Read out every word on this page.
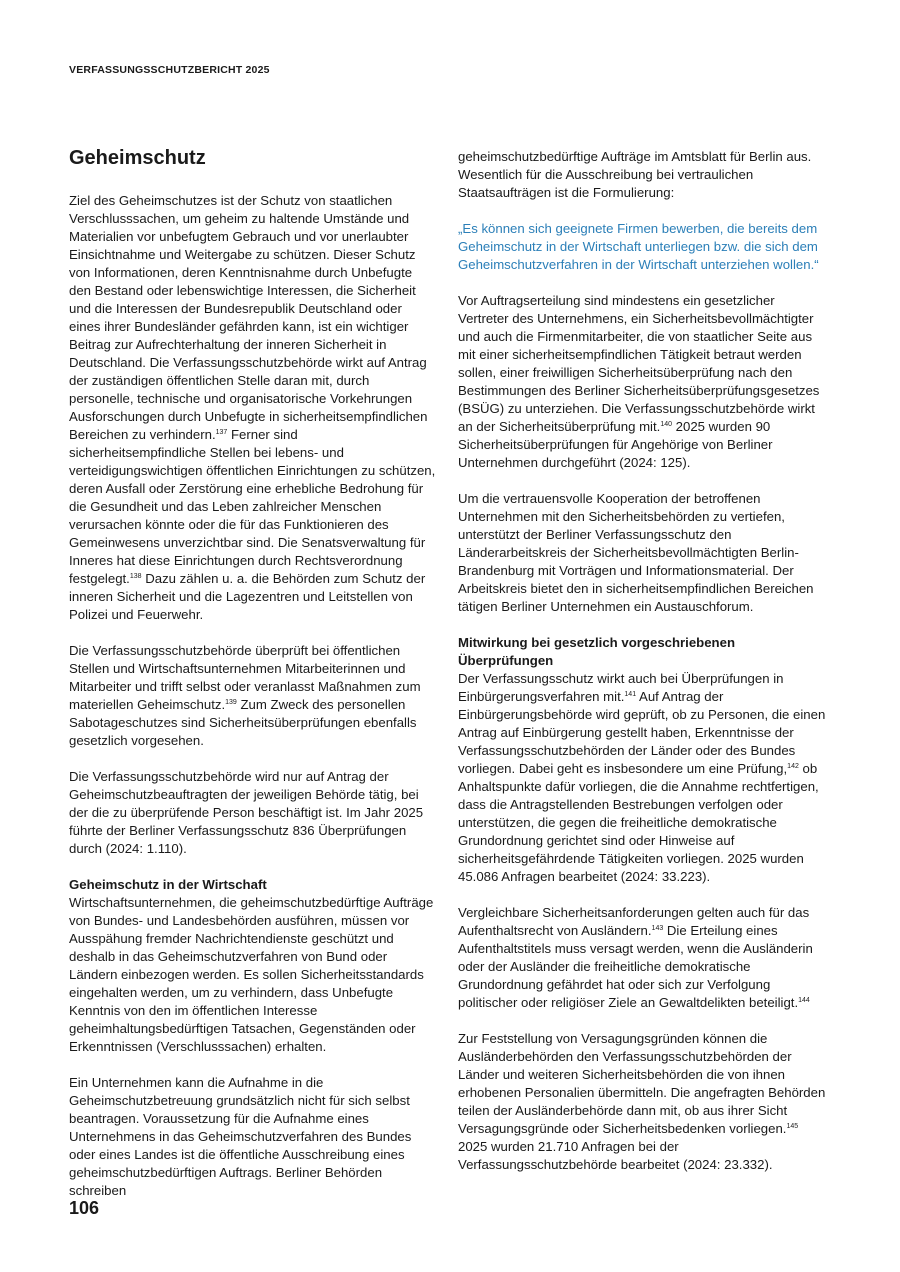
VERFASSUNGSSCHUTZBERICHT 2025
Geheimschutz

Ziel des Geheimschutzes ist der Schutz von staatlichen Verschlusssachen, um geheim zu haltende Umstände und Materialien vor unbefugtem Gebrauch und vor unerlaubter Einsichtnahme und Weitergabe zu schützen. Dieser Schutz von Informationen, deren Kenntnisnahme durch Unbefugte den Bestand oder lebenswichtige Interessen, die Sicherheit und die Interessen der Bundesrepublik Deutschland oder eines ihrer Bundesländer gefährden kann, ist ein wichtiger Beitrag zur Aufrechterhaltung der inneren Sicherheit in Deutschland. Die Verfassungsschutzbehörde wirkt auf Antrag der zuständigen öffentlichen Stelle daran mit, durch personelle, technische und organisatorische Vorkehrungen Ausforschungen durch Unbefugte in sicherheitsempfindlichen Bereichen zu verhindern.$^{137}$ Ferner sind sicherheitsempfindliche Stellen bei lebens- und verteidigungswichtigen öffentlichen Einrichtungen zu schützen, deren Ausfall oder Zerstörung eine erhebliche Bedrohung für die Gesundheit und das Leben zahlreicher Menschen verursachen könnte oder die für das Funktionieren des Gemeinwesens unverzichtbar sind. Die Senatsverwaltung für Inneres hat diese Einrichtungen durch Rechtsverordnung festgelegt.$^{138}$ Dazu zählen u. a. die Behörden zum Schutz der inneren Sicherheit und die Lagezentren und Leitstellen von Polizei und Feuerwehr.

Die Verfassungsschutzbehörde überprüft bei öffentlichen Stellen und Wirtschaftsunternehmen Mitarbeiterinnen und Mitarbeiter und trifft selbst oder veranlasst Maßnahmen zum materiellen Geheimschutz.$^{139}$ Zum Zweck des personellen Sabotageschutzes sind Sicherheitsüberprüfungen ebenfalls gesetzlich vorgesehen.

Die Verfassungsschutzbehörde wird nur auf Antrag der Geheimschutzbeauftragten der jeweiligen Behörde tätig, bei der die zu überprüfende Person beschäftigt ist. Im Jahr 2025 führte der Berliner Verfassungsschutz 836 Überprüfungen durch (2024: 1.110).

Geheimschutz in der Wirtschaft
Wirtschaftsunternehmen, die geheimschutzbedürftige Aufträge von Bundes- und Landesbehörden ausführen, müssen vor Ausspähung fremder Nachrichtendienste geschützt und deshalb in das Geheimschutzverfahren von Bund oder Ländern einbezogen werden. Es sollen Sicherheitsstandards eingehalten werden, um zu verhindern, dass Unbefugte Kenntnis von den im öffentlichen Interesse geheimhaltungsbedürftigen Tatsachen, Gegenständen oder Erkenntnissen (Verschlusssachen) erhalten.

Ein Unternehmen kann die Aufnahme in die Geheimschutzbetreuung grundsätzlich nicht für sich selbst beantragen. Voraussetzung für die Aufnahme eines Unternehmens in das Geheimschutzverfahren des Bundes oder eines Landes ist die öffentliche Ausschreibung eines geheimschutzbedürftigen Auftrags. Berliner Behörden schreiben

geheimschutzbedürftige Aufträge im Amtsblatt für Berlin aus. Wesentlich für die Ausschreibung bei vertraulichen Staatsaufträgen ist die Formulierung:

„Es können sich geeignete Firmen bewerben, die bereits dem Geheimschutz in der Wirtschaft unterliegen bzw. die sich dem Geheimschutzverfahren in der Wirtschaft unterziehen wollen.“

Vor Auftragserteilung sind mindestens ein gesetzlicher Vertreter des Unternehmens, ein Sicherheitsbevollmächtigter und auch die Firmenmitarbeiter, die von staatlicher Seite aus mit einer sicherheitsempfindlichen Tätigkeit betraut werden sollen, einer freiwilligen Sicherheitsüberprüfung nach den Bestimmungen des Berliner Sicherheitsüberprüfungsgesetzes (BSÜG) zu unterziehen. Die Verfassungsschutzbehörde wirkt an der Sicherheitsüberprüfung mit.$^{140}$ 2025 wurden 90 Sicherheitsüberprüfungen für Angehörige von Berliner Unternehmen durchgeführt (2024: 125).

Um die vertrauensvolle Kooperation der betroffenen Unternehmen mit den Sicherheitsbehörden zu vertiefen, unterstützt der Berliner Verfassungsschutz den Länderarbeitskreis der Sicherheitsbevollmächtigten Berlin-Brandenburg mit Vorträgen und Informationsmaterial. Der Arbeitskreis bietet den in sicherheitsempfindlichen Bereichen tätigen Berliner Unternehmen ein Austauschforum.

Mitwirkung bei gesetzlich vorgeschriebenen Überprüfungen
Der Verfassungsschutz wirkt auch bei Überprüfungen in Einbürgerungsverfahren mit.$^{141}$ Auf Antrag der Einbürgerungsbehörde wird geprüft, ob zu Personen, die einen Antrag auf Einbürgerung gestellt haben, Erkenntnisse der Verfassungsschutzbehörden der Länder oder des Bundes vorliegen. Dabei geht es insbesondere um eine Prüfung,$^{142}$ ob Anhaltspunkte dafür vorliegen, die die Annahme rechtfertigen, dass die Antragstellenden Bestrebungen verfolgen oder unterstützen, die gegen die freiheitliche demokratische Grundordnung gerichtet sind oder Hinweise auf sicherheitsgefährdende Tätigkeiten vorliegen. 2025 wurden 45.086 Anfragen bearbeitet (2024: 33.223).

Vergleichbare Sicherheitsanforderungen gelten auch für das Aufenthaltsrecht von Ausländern.$^{143}$ Die Erteilung eines Aufenthaltstitels muss versagt werden, wenn die Ausländerin oder der Ausländer die freiheitliche demokratische Grundordnung gefährdet hat oder sich zur Verfolgung politischer oder religiöser Ziele an Gewaltdelikten beteiligt.$^{144}$

Zur Feststellung von Versagungsgründen können die Ausländerbehörden den Verfassungsschutzbehörden der Länder und weiteren Sicherheitsbehörden die von ihnen erhobenen Personalien übermitteln. Die angefragten Behörden teilen der Ausländerbehörde dann mit, ob aus ihrer Sicht Versagungsgründe oder Sicherheitsbedenken vorliegen.$^{145}$ 2025 wurden 21.710 Anfragen bei der Verfassungsschutzbehörde bearbeitet (2024: 23.332).

106
